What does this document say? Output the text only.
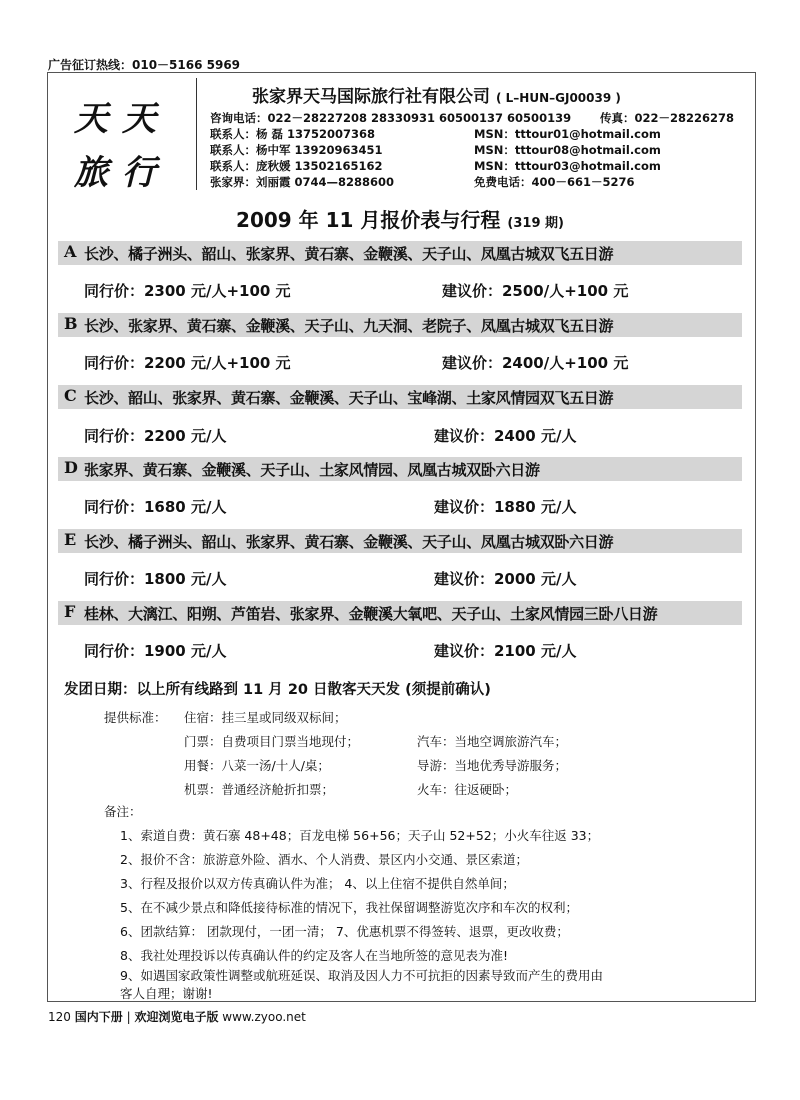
广告征订热线：010－5166 5969
天天
旅行
张家界天马国际旅行社有限公司 ( L–HUN–GJ00039 )
咨询电话：022－28227208 28330931 60500137 60500139	传真：022－28226278
联系人：杨 磊 13752007368	MSN：tttour01@hotmail.com
联系人：杨中军 13920963451	MSN：tttour08@hotmail.com
联系人：庞秋媛 13502165162	MSN：tttour03@hotmail.com
张家界：刘丽霞 0744—8288600	免费电话：400－661－5276
2009 年 11 月报价表与行程 (319 期)
A 长沙、橘子洲头、韶山、张家界、黄石寨、金鞭溪、天子山、凤凰古城双飞五日游
同行价：2300 元/人+100 元	建议价：2500/人+100 元
B 长沙、张家界、黄石寨、金鞭溪、天子山、九天洞、老院子、凤凰古城双飞五日游
同行价：2200 元/人+100 元	建议价：2400/人+100 元
C 长沙、韶山、张家界、黄石寨、金鞭溪、天子山、宝峰湖、土家风情园双飞五日游
同行价：2200 元/人	建议价：2400 元/人
D 张家界、黄石寨、金鞭溪、天子山、土家风情园、凤凰古城双卧六日游
同行价：1680 元/人	建议价：1880 元/人
E 长沙、橘子洲头、韶山、张家界、黄石寨、金鞭溪、天子山、凤凰古城双卧六日游
同行价：1800 元/人	建议价：2000 元/人
F 桂林、大漓江、阳朔、芦笛岩、张家界、金鞭溪大氧吧、天子山、土家风情园三卧八日游
同行价：1900 元/人	建议价：2100 元/人
发团日期：以上所有线路到 11 月 20 日散客天天发 (须提前确认)
提供标准： 住宿：挂三星或同级双标间；
门票：自费项目门票当地现付；	汽车：当地空调旅游汽车；
用餐：八菜一汤/十人/桌；	导游：当地优秀导游服务；
机票：普通经济舱折扣票；	火车：往返硬卧；
备注：
1、索道自费：黄石寨 48+48；百龙电梯 56+56；天子山 52+52；小火车往返 33；
2、报价不含：旅游意外险、酒水、个人消费、景区内小交通、景区索道；
3、行程及报价以双方传真确认件为准； 4、以上住宿不提供自然单间；
5、在不减少景点和降低接待标准的情况下，我社保留调整游览次序和车次的权利；
6、团款结算： 团款现付，一团一清； 7、优惠机票不得签转、退票，更改收费；
8、我社处理投诉以传真确认件的约定及客人在当地所签的意见表为准!
9、如遇国家政策性调整或航班延误、取消及因人力不可抗拒的因素导致而产生的费用由
客人自理；谢谢!
120 国内下册 | 欢迎浏览电子版 www.zyoo.net
